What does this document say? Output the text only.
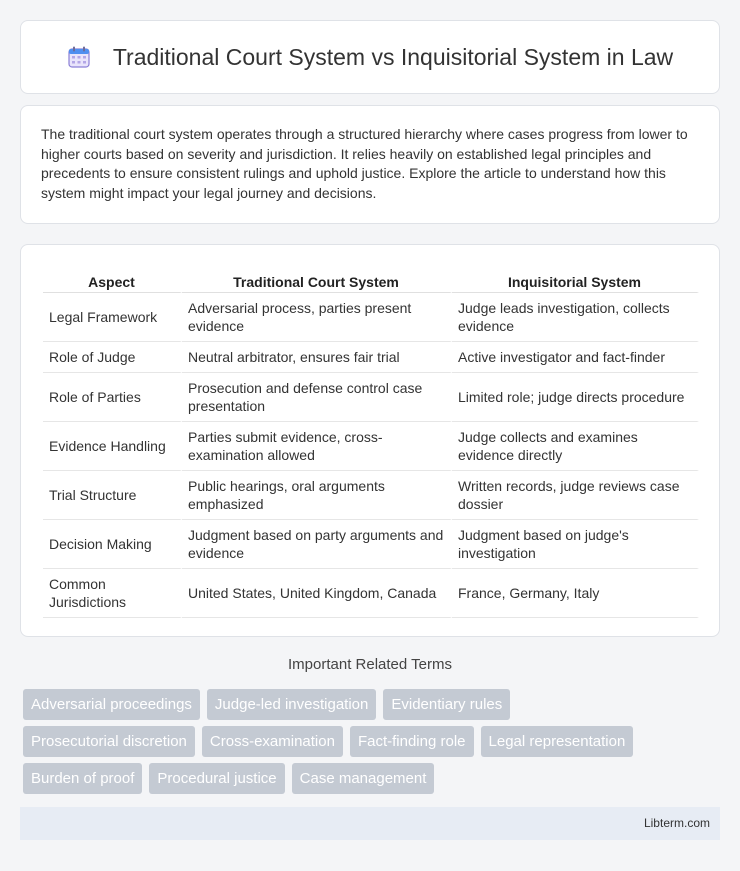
Traditional Court System vs Inquisitorial System in Law

The traditional court system operates through a structured hierarchy where cases progress from lower to higher courts based on severity and jurisdiction. It relies heavily on established legal principles and precedents to ensure consistent rulings and uphold justice. Explore the article to understand how this system might impact your legal journey and decisions.

Aspect	Traditional Court System	Inquisitorial System
Legal Framework	Adversarial process, parties present evidence	Judge leads investigation, collects evidence
Role of Judge	Neutral arbitrator, ensures fair trial	Active investigator and fact-finder
Role of Parties	Prosecution and defense control case presentation	Limited role; judge directs procedure
Evidence Handling	Parties submit evidence, cross-examination allowed	Judge collects and examines evidence directly
Trial Structure	Public hearings, oral arguments emphasized	Written records, judge reviews case dossier
Decision Making	Judgment based on party arguments and evidence	Judgment based on judge's investigation
Common Jurisdictions	United States, United Kingdom, Canada	France, Germany, Italy
Important Related Terms
Adversarial proceedings	Judge-led investigation	Evidentiary rules
Prosecutorial discretion	Cross-examination	Fact-finding role	Legal representation
Burden of proof	Procedural justice	Case management
Libterm.com
